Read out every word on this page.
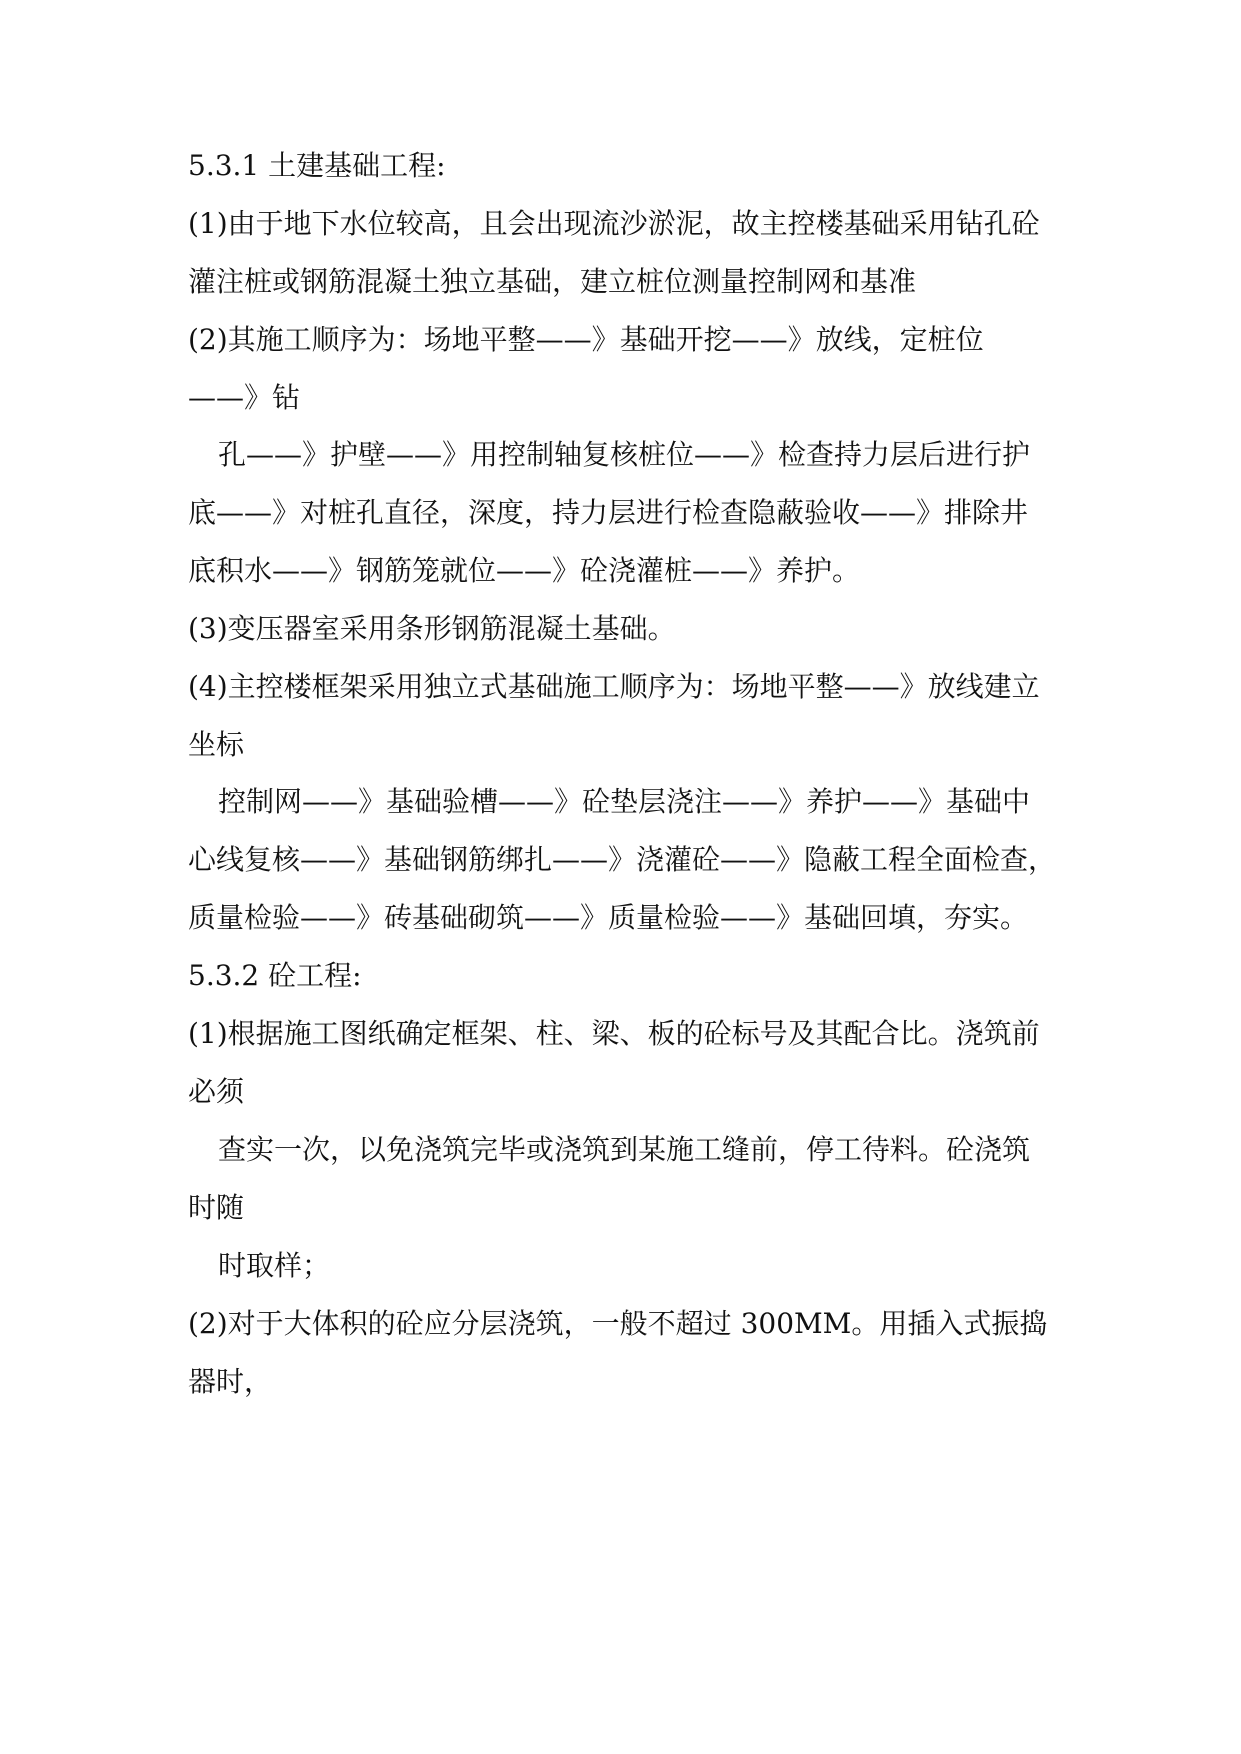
5.3.1 土建基础工程:
(1)由于地下水位较高，且会出现流沙淤泥，故主控楼基础采用钻孔砼
灌注桩或钢筋混凝土独立基础，建立桩位测量控制网和基准
(2)其施工顺序为：场地平整——》基础开挖——》放线，定桩位
——》钻
孔——》护壁——》用控制轴复核桩位——》检查持力层后进行护
底——》对桩孔直径，深度，持力层进行检查隐蔽验收——》排除井
底积水——》钢筋笼就位——》砼浇灌桩——》养护。
(3)变压器室采用条形钢筋混凝土基础。
(4)主控楼框架采用独立式基础施工顺序为：场地平整——》放线建立
坐标
控制网——》基础验槽——》砼垫层浇注——》养护——》基础中
心线复核——》基础钢筋绑扎——》浇灌砼——》隐蔽工程全面检查，
质量检验——》砖基础砌筑——》质量检验——》基础回填，夯实。
5.3.2 砼工程:
(1)根据施工图纸确定框架、柱、梁、板的砼标号及其配合比。浇筑前
必须
查实一次，以免浇筑完毕或浇筑到某施工缝前，停工待料。砼浇筑
时随
时取样；
(2)对于大体积的砼应分层浇筑，一般不超过 300MM。用插入式振捣
器时，
